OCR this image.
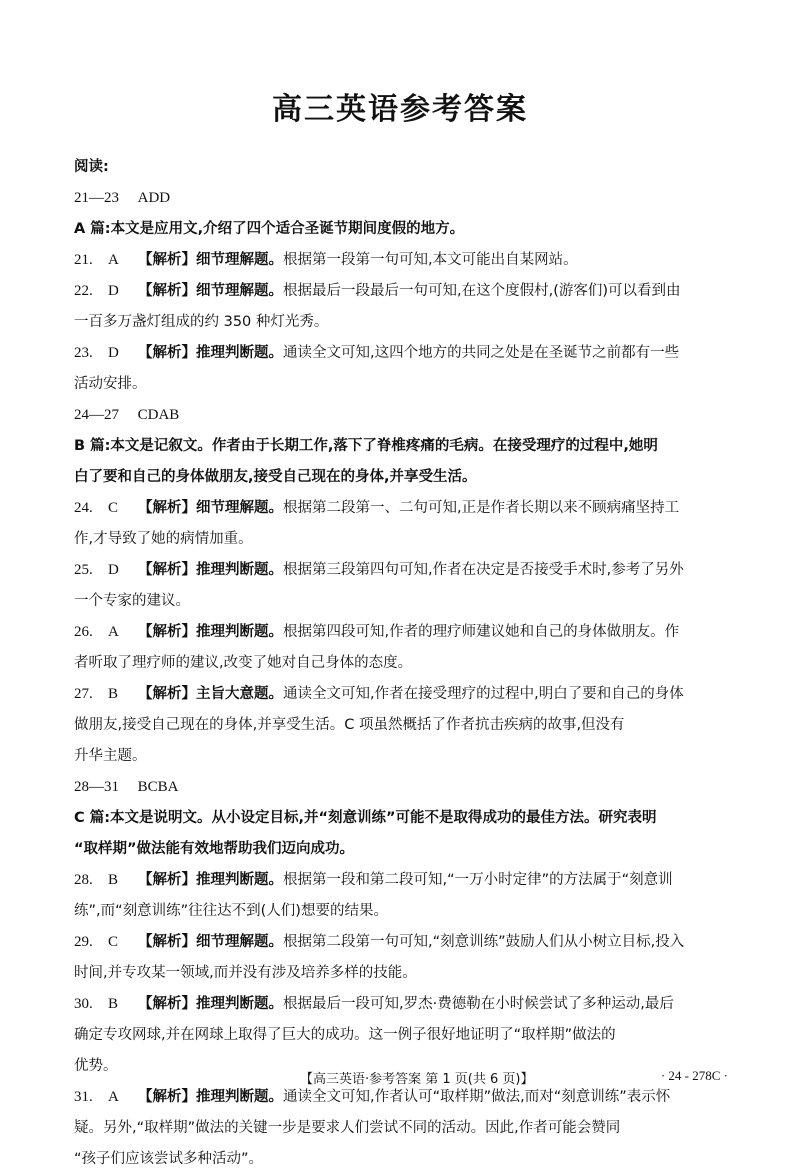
高三英语参考答案
阅读:
21—23 ADD
A 篇:本文是应用文,介绍了四个适合圣诞节期间度假的地方。
21.	A	【解析】细节理解题。根据第一段第一句可知,本文可能出自某网站。
22.	D	【解析】细节理解题。根据最后一段最后一句可知,在这个度假村,(游客们)可以看到由
一百多万盏灯组成的约 350 种灯光秀。
23.	D	【解析】推理判断题。通读全文可知,这四个地方的共同之处是在圣诞节之前都有一些
活动安排。
24—27 CDAB
B 篇:本文是记叙文。作者由于长期工作,落下了脊椎疼痛的毛病。在接受理疗的过程中,她明
白了要和自己的身体做朋友,接受自己现在的身体,并享受生活。
24.	C	【解析】细节理解题。根据第二段第一、二句可知,正是作者长期以来不顾病痛坚持工
作,才导致了她的病情加重。
25.	D	【解析】推理判断题。根据第三段第四句可知,作者在决定是否接受手术时,参考了另外
一个专家的建议。
26.	A	【解析】推理判断题。根据第四段可知,作者的理疗师建议她和自己的身体做朋友。作
者听取了理疗师的建议,改变了她对自己身体的态度。
27.	B	【解析】主旨大意题。通读全文可知,作者在接受理疗的过程中,明白了要和自己的身体
做朋友,接受自己现在的身体,并享受生活。C 项虽然概括了作者抗击疾病的故事,但没有
升华主题。
28—31 BCBA
C 篇:本文是说明文。从小设定目标,并“刻意训练”可能不是取得成功的最佳方法。研究表明
“取样期”做法能有效地帮助我们迈向成功。
28.	B	【解析】推理判断题。根据第一段和第二段可知,“一万小时定律”的方法属于“刻意训
练”,而“刻意训练”往往达不到(人们)想要的结果。
29.	C	【解析】细节理解题。根据第二段第一句可知,“刻意训练”鼓励人们从小树立目标,投入
时间,并专攻某一领域,而并没有涉及培养多样的技能。
30.	B	【解析】推理判断题。根据最后一段可知,罗杰·费德勒在小时候尝试了多种运动,最后
确定专攻网球,并在网球上取得了巨大的成功。这一例子很好地证明了“取样期”做法的
优势。
31.	A	【解析】推理判断题。通读全文可知,作者认可“取样期”做法,而对“刻意训练”表示怀
疑。另外,“取样期”做法的关键一步是要求人们尝试不同的活动。因此,作者可能会赞同
“孩子们应该尝试多种活动”。
【高三英语·参考答案 第 1 页(共 6 页)】	· 24 - 278C ·
